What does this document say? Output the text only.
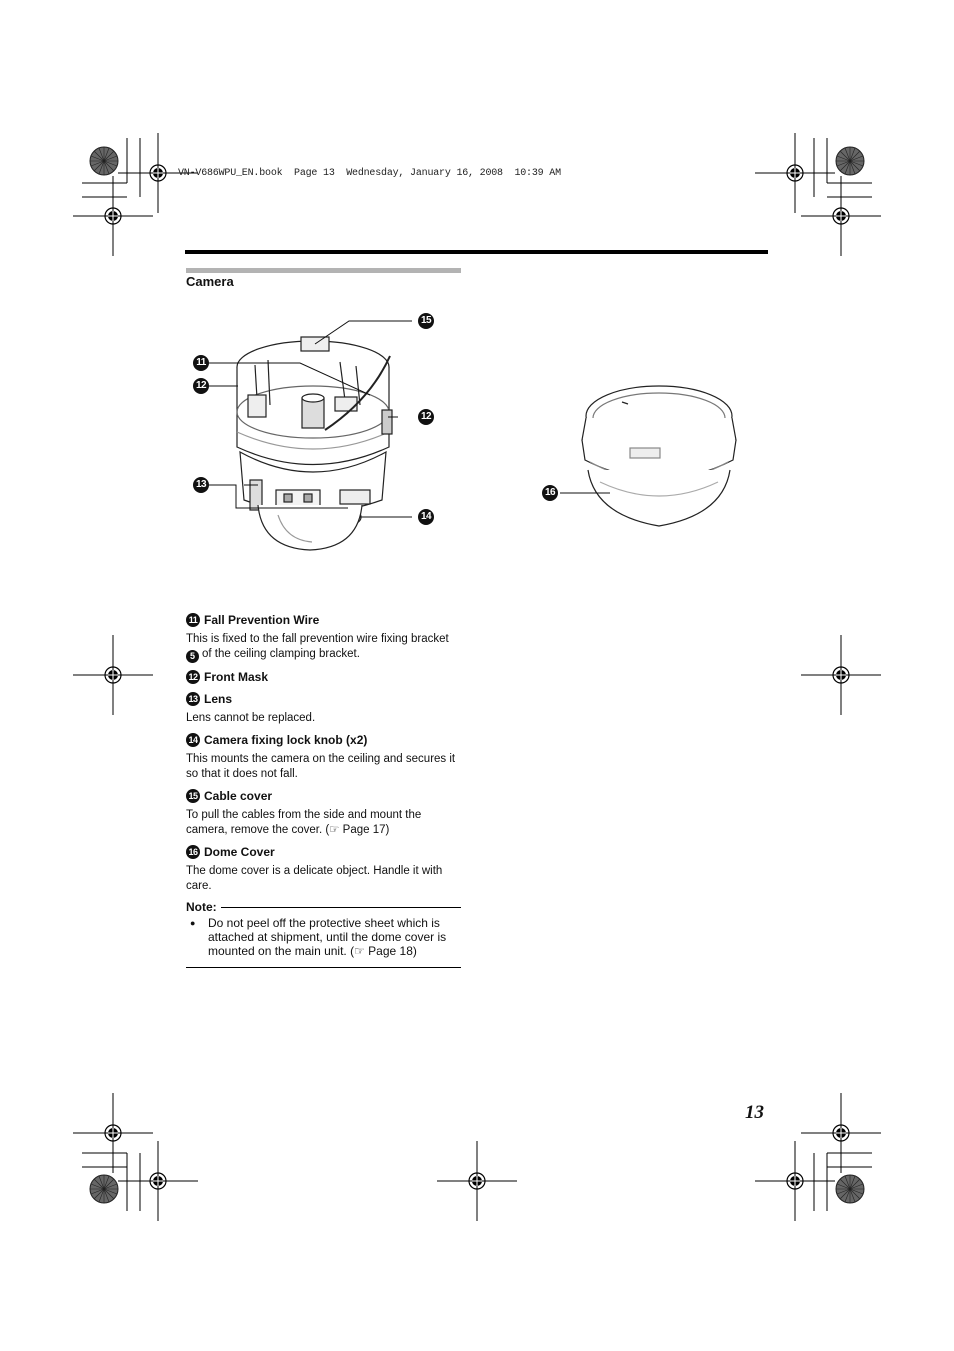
VN-V686WPU_EN.book  Page 13  Wednesday, January 16, 2008  10:39 AM
Camera
15
11
12
12
13
14
16
11 Fall Prevention Wire
This is fixed to the fall prevention wire fixing bracket
5 of the ceiling clamping bracket.
12 Front Mask
13 Lens
Lens cannot be replaced.
14 Camera fixing lock knob (x2)
This mounts the camera on the ceiling and secures it so that it does not fall.
15 Cable cover
To pull the cables from the side and mount the camera, remove the cover. (☞ Page 17)
16 Dome Cover
The dome cover is a delicate object. Handle it with care.
Note:
●	Do not peel off the protective sheet which is attached at shipment, until the dome cover is mounted on the main unit. (☞ Page 18)
13
